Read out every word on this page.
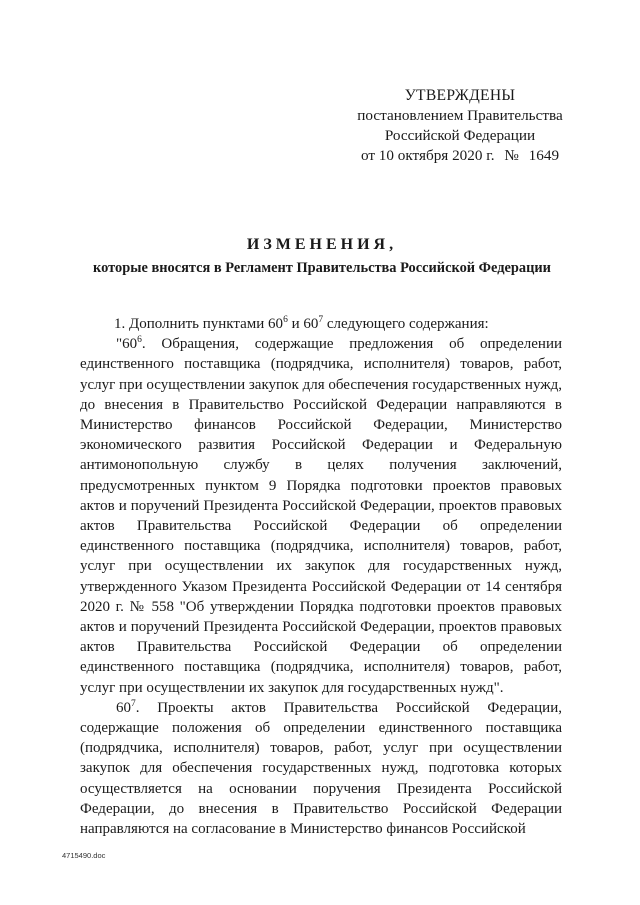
УТВЕРЖДЕНЫ
постановлением Правительства
Российской Федерации
от 10 октября 2020 г. № 1649
ИЗМЕНЕНИЯ,
которые вносятся в Регламент Правительства Российской Федерации

1. Дополнить пунктами $60^6$ и $60^7$ следующего содержания:

"$60^6$. Обращения, содержащие предложения об определении единственного поставщика (подрядчика, исполнителя) товаров, работ, услуг при осуществлении закупок для обеспечения государственных нужд, до внесения в Правительство Российской Федерации направляются в Министерство финансов Российской Федерации, Министерство экономического развития Российской Федерации и Федеральную антимонопольную службу в целях получения заключений, предусмотренных пунктом 9 Порядка подготовки проектов правовых актов и поручений Президента Российской Федерации, проектов правовых актов Правительства Российской Федерации об определении единственного поставщика (подрядчика, исполнителя) товаров, работ, услуг при осуществлении их закупок для государственных нужд, утвержденного Указом Президента Российской Федерации от 14 сентября 2020 г. № 558 "Об утверждении Порядка подготовки проектов правовых актов и поручений Президента Российской Федерации, проектов правовых актов Правительства Российской Федерации об определении единственного поставщика (подрядчика, исполнителя) товаров, работ, услуг при осуществлении их закупок для государственных нужд".

$60^7$. Проекты актов Правительства Российской Федерации, содержащие положения об определении единственного поставщика (подрядчика, исполнителя) товаров, работ, услуг при осуществлении закупок для обеспечения государственных нужд, подготовка которых осуществляется на основании поручения Президента Российской Федерации, до внесения в Правительство Российской Федерации направляются на согласование в Министерство финансов Российской

4715490.doc
